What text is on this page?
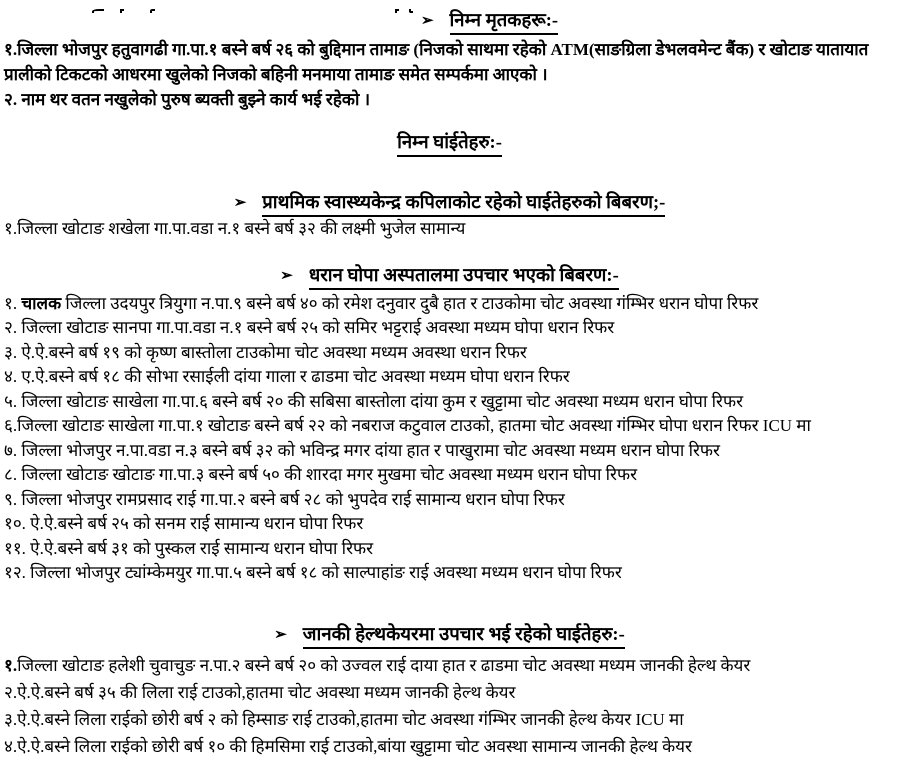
➢ निम्न मृतकहरू:-
१.जिल्ला भोजपुर हतुवागढी गा.पा.१ बस्ने बर्ष २६ को बुद्दिमान तामाङ (निजको साथमा रहेको ATM(साङग्रिला डेभलवमेन्ट बैंक) र खोटाङ यातायात प्रालीको टिकटको आधरमा खुलेको निजको बहिनी मनमाया तामाङ समेत सम्पर्कमा आएको ।
२. नाम थर वतन नखुलेको पुरुष ब्यक्ती बुझ्ने कार्य भई रहेको ।
निम्न घांईतेहरु:-
➢ प्राथमिक स्वास्थ्यकेन्द्र कपिलाकोट रहेको घाईतेहरुको बिबरण;-
१.जिल्ला खोटाङ शखेला गा.पा.वडा न.१ बस्ने बर्ष ३२ की लक्ष्मी भुजेल सामान्य
➢ धरान घोपा अस्पतालमा उपचार भएको बिबरण:-
१. चालक जिल्ला उदयपुर त्रियुगा न.पा.९ बस्ने बर्ष ४० को रमेश दनुवार दुबै हात र टाउकोमा चोट अवस्था गंम्भिर धरान घोपा रिफर
२. जिल्ला खोटाङ सानपा गा.पा.वडा न.१ बस्ने बर्ष २५ को समिर भट्टराई अवस्था मध्यम घोपा धरान रिफर
३. ऐ.ऐ.बस्ने बर्ष १९ को कृष्ण बास्तोला टाउकोमा चोट अवस्था मध्यम अवस्था धरान रिफर
४. ए.ऐ.बस्ने बर्ष १८ की सोभा रसाईली दांया गाला र ढाडमा चोट अवस्था मध्यम घोपा धरान रिफर
५. जिल्ला खोटाङ साखेला गा.पा.६ बस्ने बर्ष २० की सबिसा बास्तोला दांया कुम र खुट्टामा चोट अवस्था मध्यम धरान घोपा रिफर
६.जिल्ला खोटाङ साखेला गा.पा.१ खोटाङ बस्ने बर्ष २२ को नबराज कटुवाल टाउको, हातमा चोट अवस्था गंम्भिर घोपा धरान रिफर ICU मा
७. जिल्ला भोजपुर न.पा.वडा न.३ बस्ने बर्ष ३२ को भविन्द्र मगर दांया हात र पाखुरामा चोट अवस्था मध्यम धरान घोपा रिफर
८. जिल्ला खोटाङ खोटाङ गा.पा.३ बस्ने बर्ष ५० की शारदा मगर मुखमा चोट अवस्था मध्यम धरान घोपा रिफर
९. जिल्ला भोजपुर रामप्रसाद राई गा.पा.२ बस्ने बर्ष २८ को भुपदेव राई सामान्य धरान घोपा रिफर
१०. ऐ.ऐ.बस्ने बर्ष २५ को सनम राई सामान्य धरान घोपा रिफर
११. ऐ.ऐ.बस्ने बर्ष ३१ को पुस्कल राई सामान्य धरान घोपा रिफर
१२. जिल्ला भोजपुर ट्यांम्केमयुर गा.पा.५ बस्ने बर्ष १८ को साल्पाहांङ राई अवस्था मध्यम धरान घोपा रिफर
➢ जानकी हेल्थकेयरमा उपचार भई रहेको घाईतेहरु:-
१.जिल्ला खोटाङ हलेशी चुवाचुङ न.पा.२ बस्ने बर्ष २० को उज्वल राई दाया हात र ढाडमा चोट अवस्था मध्यम जानकी हेल्थ केयर
२.ऐ.ऐ.बस्ने बर्ष ३५ की लिला राई टाउको,हातमा चोट अवस्था मध्यम जानकी हेल्थ केयर
३.ऐ.ऐ.बस्ने लिला राईको छोरी बर्ष २ को हिम्साङ राई टाउको,हातमा चोट अवस्था गंम्भिर जानकी हेल्थ केयर ICU मा
४.ऐ.ऐ.बस्ने लिला राईको छोरी बर्ष १० की हिमसिमा राई टाउको,बांया खुट्टामा चोट अवस्था सामान्य जानकी हेल्थ केयर
